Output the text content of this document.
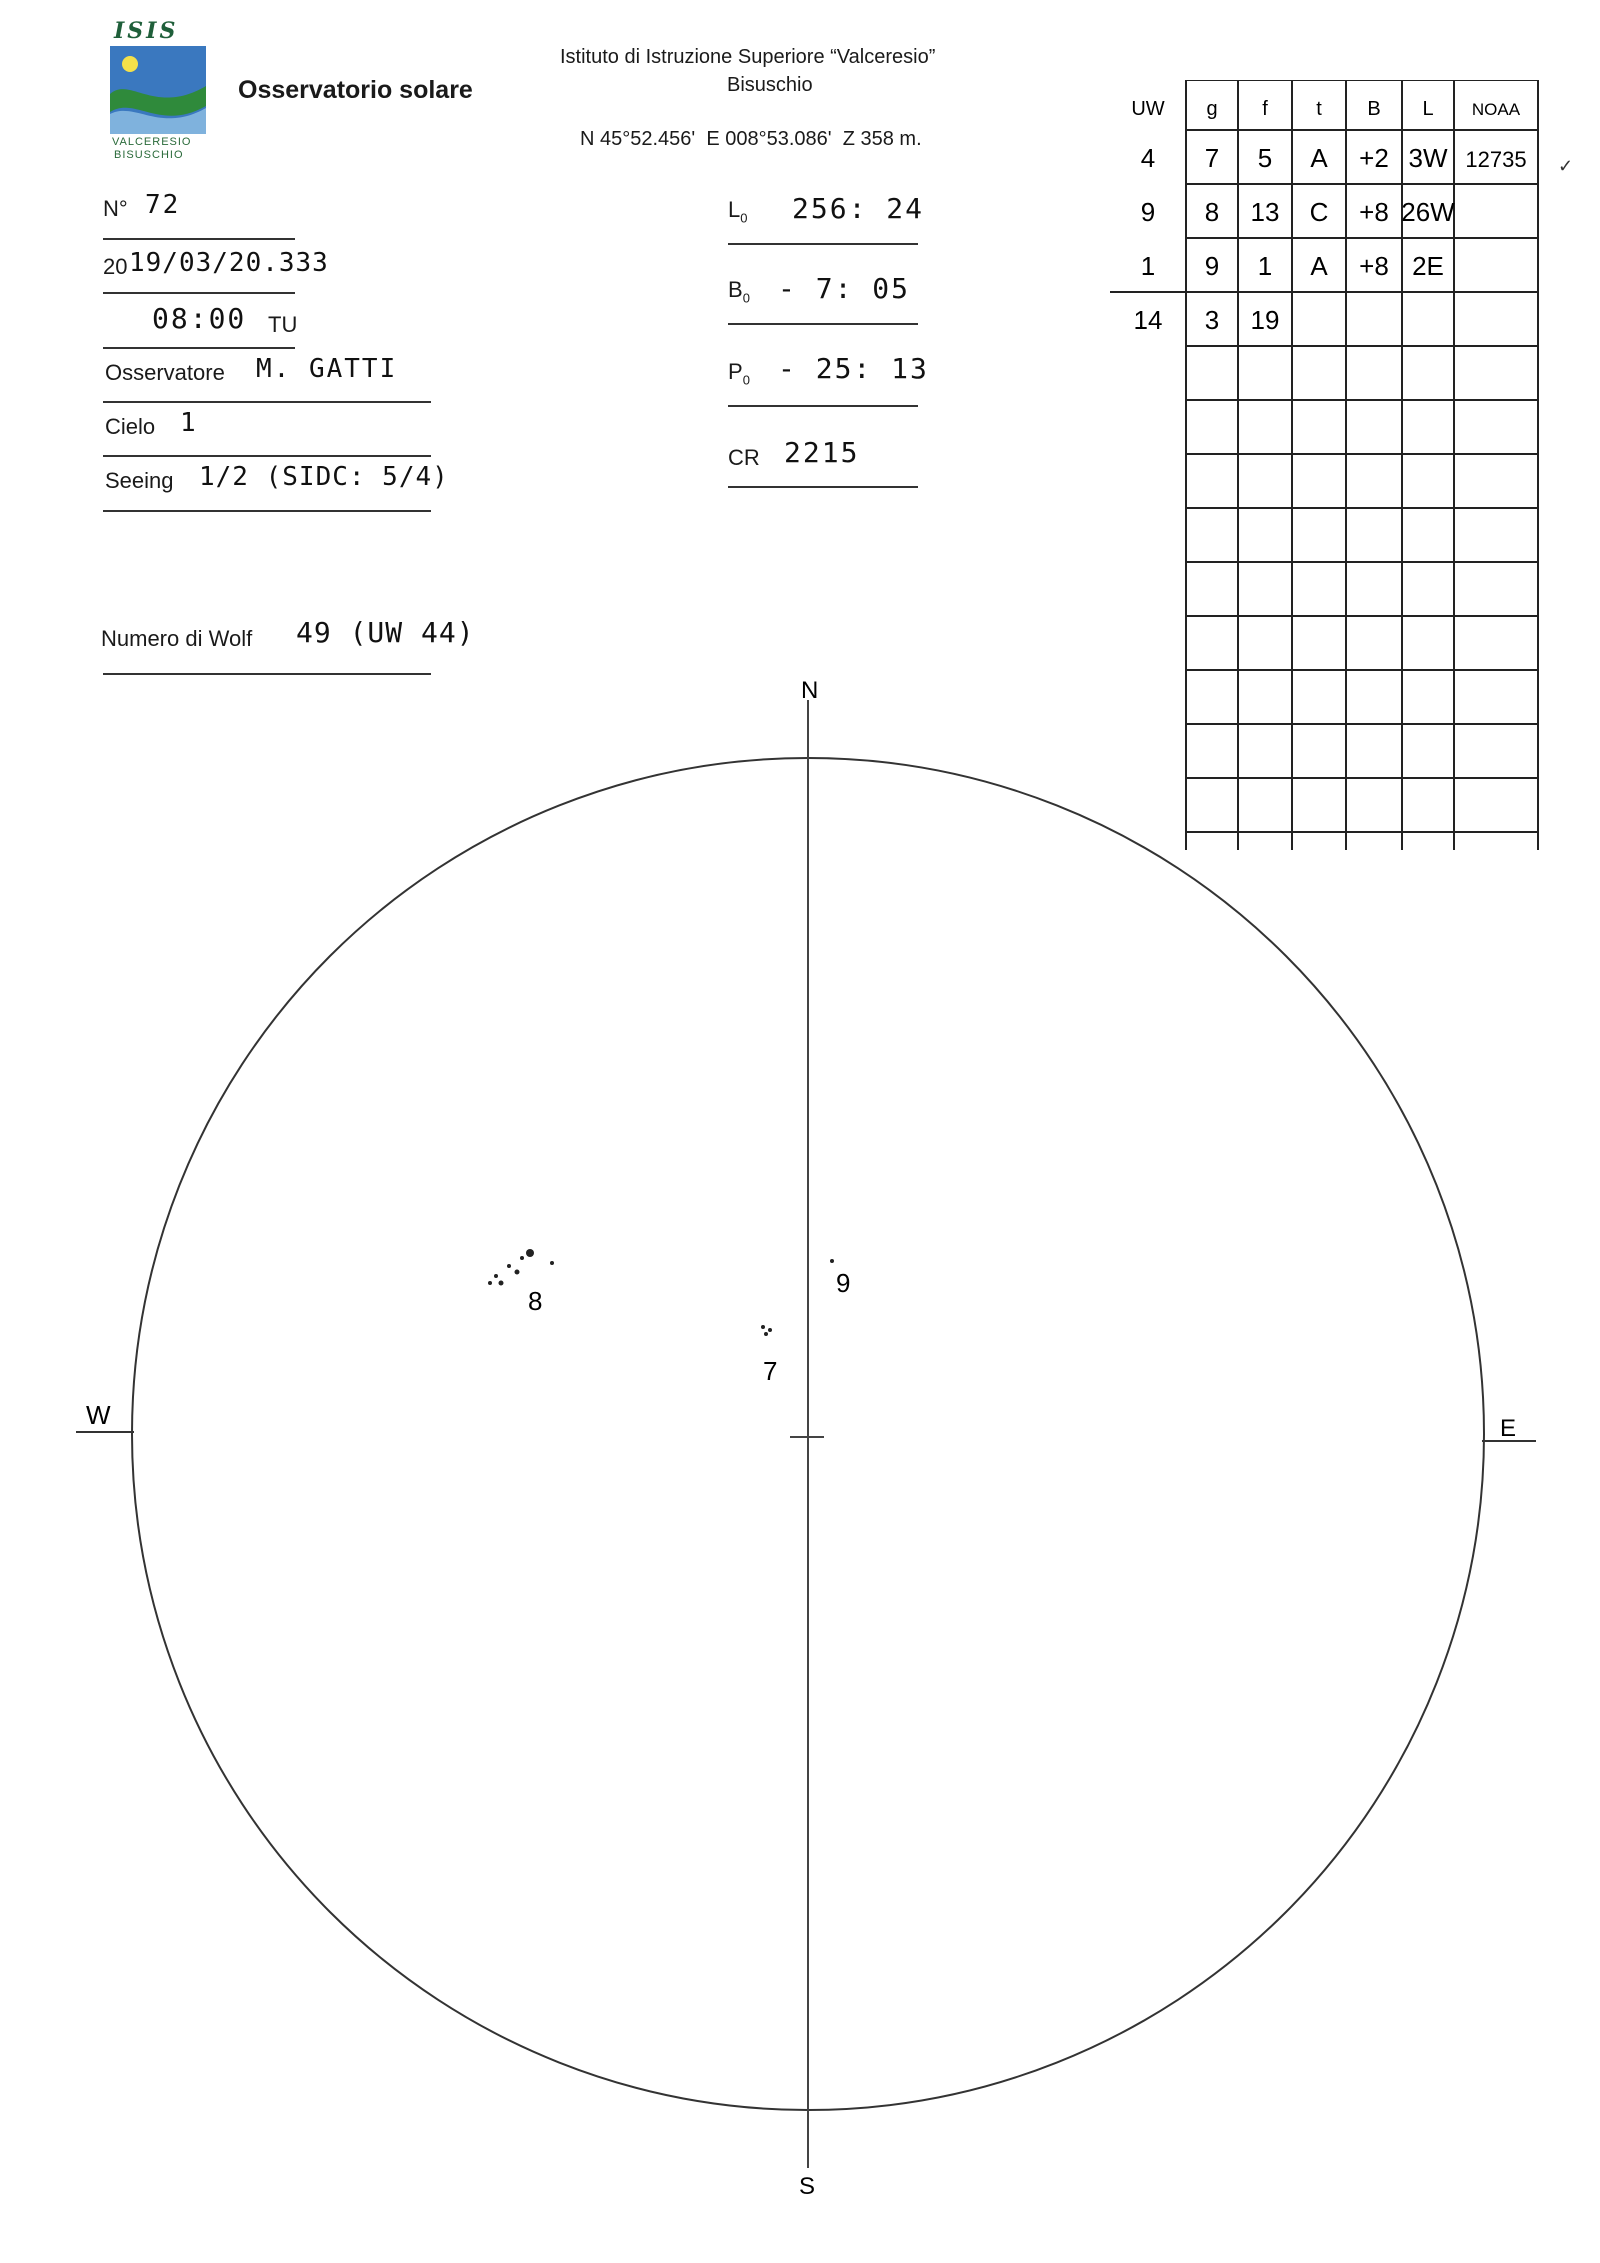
ISIS
VALCERESIO
BISUSCHIO
Osservatorio solare
Istituto di Istruzione Superiore “Valceresio”
Bisuschio
N 45°52.456'  E 008°53.086'  Z 358 m.
N° 72
20 19/03/20.333
08:00 TU
Osservatore M. GATTI
Cielo 1
Seeing 1/2 (SIDC: 5/4)
Numero di Wolf 49 (UW 44)
$L_0$ 256: 24
$B_0 - 7$: 05
$P_0 - 25$: 13
CR 2215
UW g f t B L NOAA
4 7 5 A +2 3W 12735
9 8 13 C +8 26W
1 9 1 A +8 2E
14 3 19
✓
N
S
W	E
8
9
7
